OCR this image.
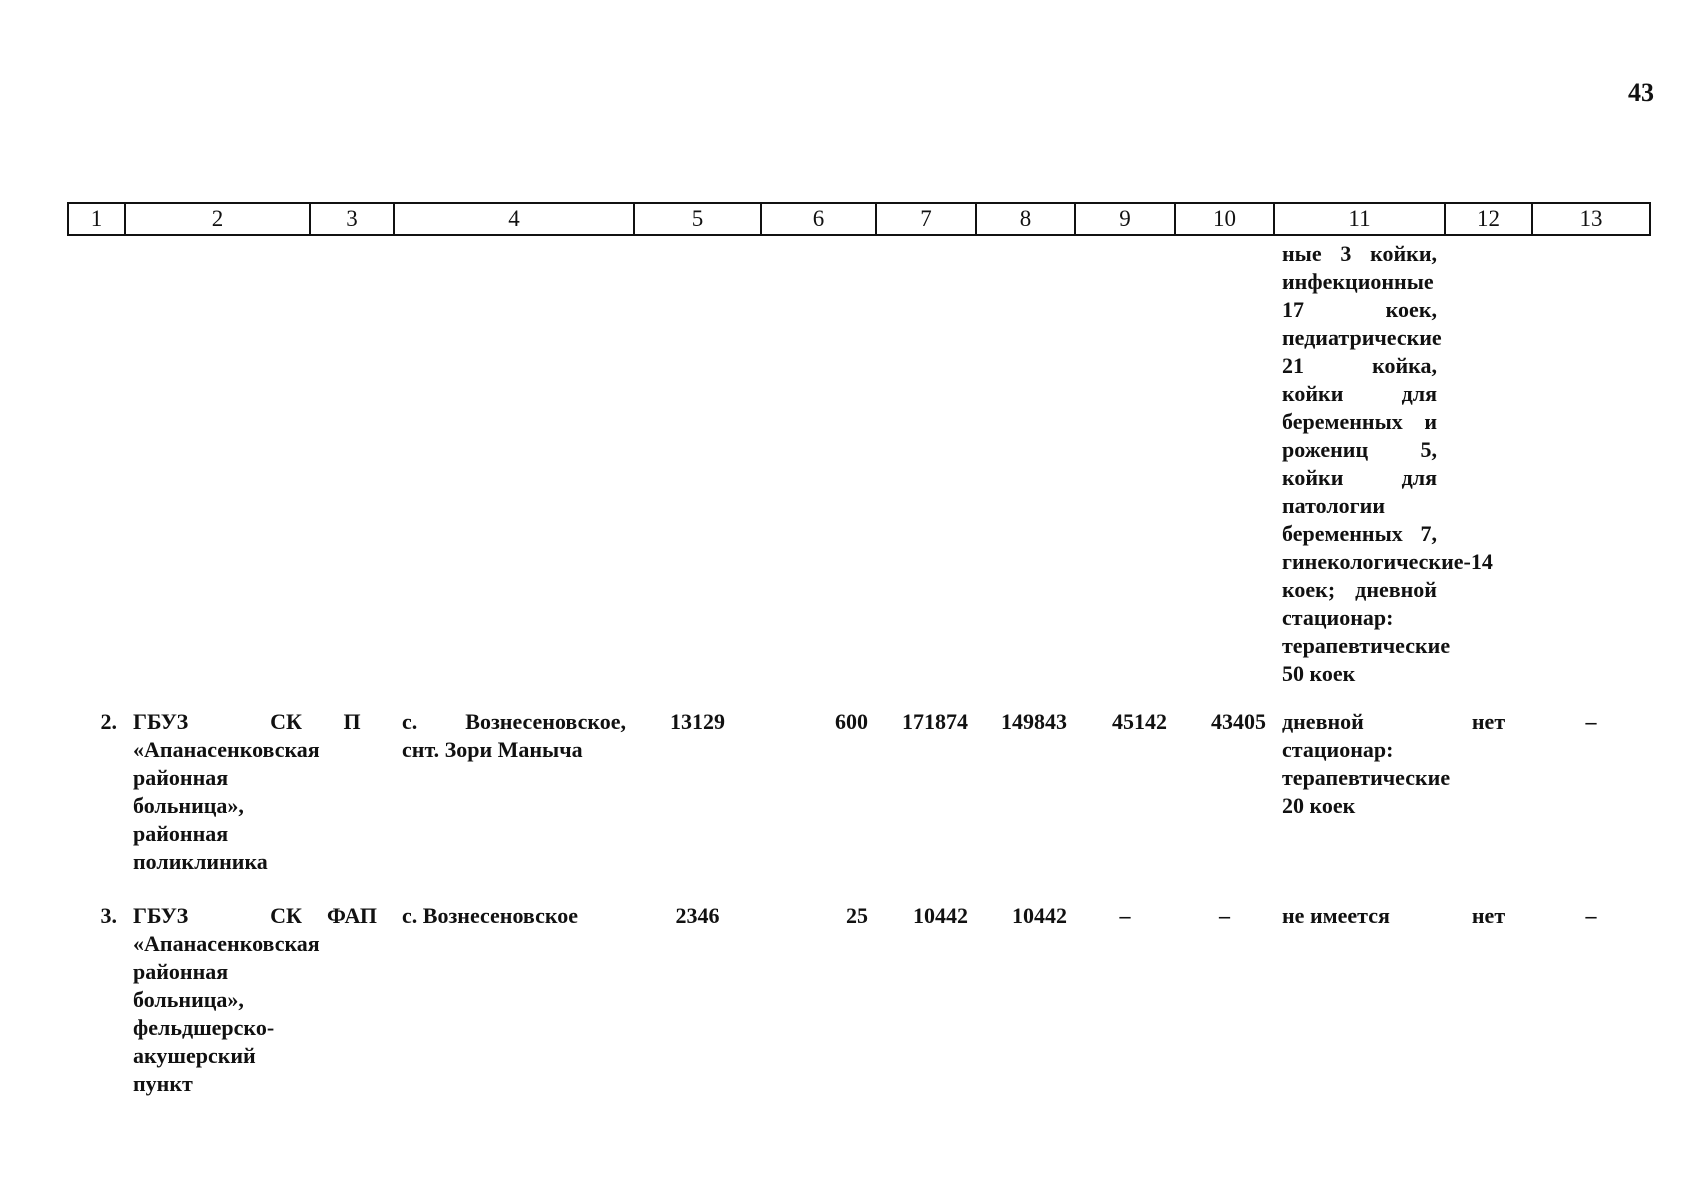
43
1	2	3	4	5	6	7	8	9	10	11	12	13
										ные 3 койки, инфекционные 17 коек, педиатрические 21 койка, койки для беременных и рожениц 5, койки для патологии беременных 7, гинекологические-14 коек; дневной стационар: терапевтические 50 коек		
2.	ГБУЗ СК «Апанасенковская районная больница», районная поликлиника	П	с. Вознесеновское, снт. Зори Маныча	13129	600	171874	149843	45142	43405	дневной стационар: терапевтические 20 коек	нет	–
3.	ГБУЗ СК «Апанасенковская районная больница», фельдшерско-акушерский пункт	ФАП	с. Вознесеновское	2346	25	10442	10442	–	–	не имеется	нет	–
